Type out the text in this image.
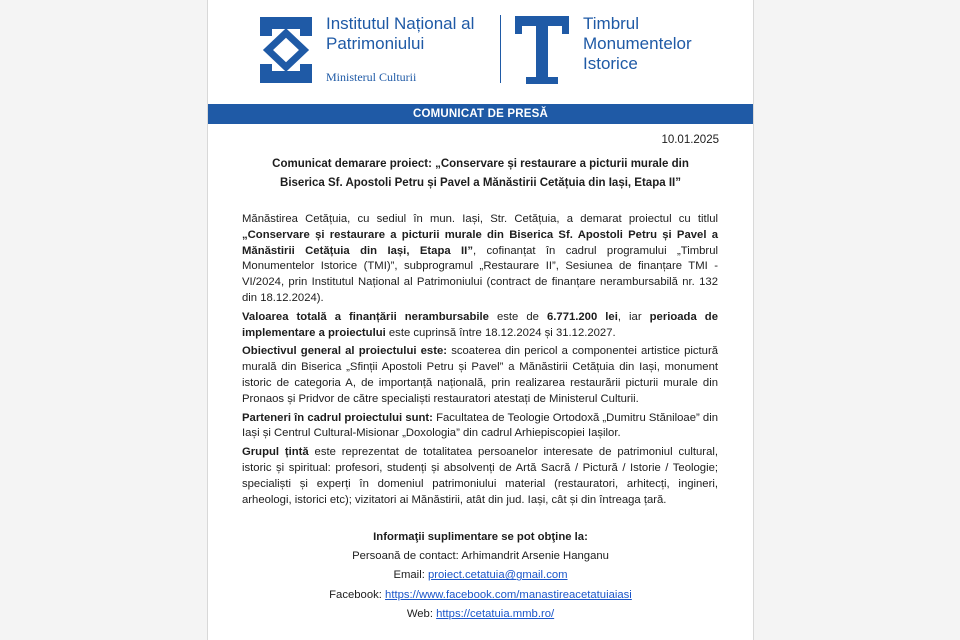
Institutul Național al
Patrimoniului
Ministerul Culturii
Timbrul
Monumentelor
Istorice
COMUNICAT DE PRESĂ
10.01.2025
Comunicat demarare proiect: „Conservare și restaurare a picturii murale din
Biserica Sf. Apostoli Petru și Pavel a Mănăstirii Cetățuia din Iași, Etapa II”

Mănăstirea Cetățuia, cu sediul în mun. Iași, Str. Cetățuia, a demarat proiectul cu titlul „Conservare și restaurare a picturii murale din Biserica Sf. Apostoli Petru și Pavel a Mănăstirii Cetățuia din Iași, Etapa II”, cofinanțat în cadrul programului „Timbrul Monumentelor Istorice (TMI)”, subprogramul „Restaurare II”, Sesiunea de finanțare TMI - VI/2024, prin Institutul Național al Patrimoniului (contract de finanțare nerambursabilă nr. 132 din 18.12.2024).

Valoarea totală a finanțării nerambursabile este de 6.771.200 lei, iar perioada de implementare a proiectului este cuprinsă între 18.12.2024 și 31.12.2027.

Obiectivul general al proiectului este: scoaterea din pericol a componentei artistice pictură murală din Biserica „Sfinții Apostoli Petru și Pavel” a Mănăstirii Cetățuia din Iași, monument istoric de categoria A, de importanță națională, prin realizarea restaurării picturii murale din Pronaos și Pridvor de către specialiști restauratori atestați de Ministerul Culturii.

Parteneri în cadrul proiectului sunt: Facultatea de Teologie Ortodoxă „Dumitru Stăniloae” din Iași și Centrul Cultural-Misionar „Doxologia” din cadrul Arhiepiscopiei Iașilor.

Grupul țintă este reprezentat de totalitatea persoanelor interesate de patrimoniul cultural, istoric și spiritual: profesori, studenți și absolvenți de Artă Sacră / Pictură / Istorie / Teologie; specialiști și experți în domeniul patrimoniului material (restauratori, arhitecți, ingineri, arheologi, istorici etc); vizitatori ai Mănăstirii, atât din jud. Iași, cât și din întreaga țară.

Informaţii suplimentare se pot obţine la:
Persoană de contact: Arhimandrit Arsenie Hanganu
Email: proiect.cetatuia@gmail.com
Facebook: https://www.facebook.com/manastireacetatuiaiasi
Web: https://cetatuia.mmb.ro/
